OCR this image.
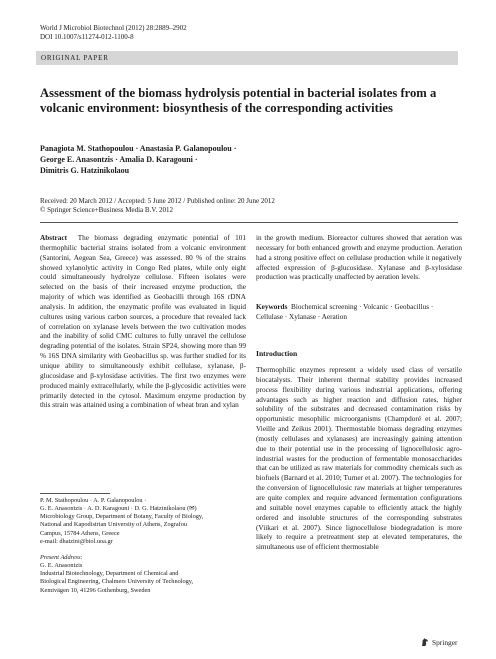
World J Microbiol Biotechnol (2012) 28:2889–2902
DOI 10.1007/s11274-012-1100-8
ORIGINAL PAPER
Assessment of the biomass hydrolysis potential in bacterial isolates from a volcanic environment: biosynthesis of the corresponding activities
Panagiota M. Stathopoulou · Anastasia P. Galanopoulou ·
George E. Anasontzis · Amalia D. Karagouni ·
Dimitris G. Hatzinikolaou
Received: 20 March 2012 / Accepted: 5 June 2012 / Published online: 20 June 2012
© Springer Science+Business Media B.V. 2012

Abstract The biomass degrading enzymatic potential of 101 thermophilic bacterial strains isolated from a volcanic environment (Santorini, Aegean Sea, Greece) was assessed. 80 % of the strains showed xylanolytic activity in Congo Red plates, while only eight could simultaneously hydrolyze cellulose. Fifteen isolates were selected on the basis of their increased enzyme production, the majority of which was identified as Geobacilli through 16S rDNA analysis. In addition, the enzymatic profile was evaluated in liquid cultures using various carbon sources, a procedure that revealed lack of correlation on xylanase levels between the two cultivation modes and the inability of solid CMC cultures to fully unravel the cellulose degrading potential of the isolates. Strain SP24, showing more than 99 % 16S DNA similarity with Geobacillus sp. was further studied for its unique ability to simultaneously exhibit cellulase, xylanase, β-glucosidase and β-xylosidase activities. The first two enzymes were produced mainly extracellularly, while the β-glycosidic activities were primarily detected in the cytosol. Maximum enzyme production by this strain was attained using a combination of wheat bran and xylan

in the growth medium. Bioreactor cultures showed that aeration was necessary for both enhanced growth and enzyme production. Aeration had a strong positive effect on cellulase production while it negatively affected expression of β-glucosidase. Xylanase and β-xylosidase production was practically unaffected by aeration levels.

Keywords Biochemical screening · Volcanic · Geobacillus · Cellulase · Xylanase · Aeration
Introduction

Thermophilic enzymes represent a widely used class of versatile biocatalysts. Their inherent thermal stability provides increased process flexibility during various industrial applications, offering advantages such as higher reaction and diffusion rates, higher solubility of the substrates and decreased contamination risks by opportunistic mesophilic microorganisms (Champdoré et al. 2007; Vieille and Zeikus 2001). Thermostable biomass degrading enzymes (mostly cellulases and xylanases) are increasingly gaining attention due to their potential use in the processing of lignocellulosic agro-industrial wastes for the production of fermentable monosaccharides that can be utilized as raw materials for commodity chemicals such as biofuels (Barnard et al. 2010; Turner et al. 2007). The technologies for the conversion of lignocellulosic raw materials at higher temperatures are quite complex and require advanced fermentation configurations and suitable novel enzymes capable to efficiently attack the highly ordered and insoluble structures of the corresponding substrates (Viikari et al. 2007). Since lignocellulose biodegradation is more likely to require a pretreatment step at elevated temperatures, the simultaneous use of efficient thermostable

P. M. Stathopoulou · A. P. Galanopoulou ·

G. E. Anasontzis · A. D. Karagouni · D. G. Hatzinikolaou (✉)

Microbiology Group, Department of Botany, Faculty of Biology,

National and Kapodistrian University of Athens, Zografou

Campus, 15784 Athens, Greece

e-mail: dhatzini@biol.uoa.gr

Present Address:

G. E. Anasontzis

Industrial Biotechnology, Department of Chemical and

Biological Engineering, Chalmers University of Technology,

Kemivägen 10, 41296 Gothenburg, Sweden

Springer
